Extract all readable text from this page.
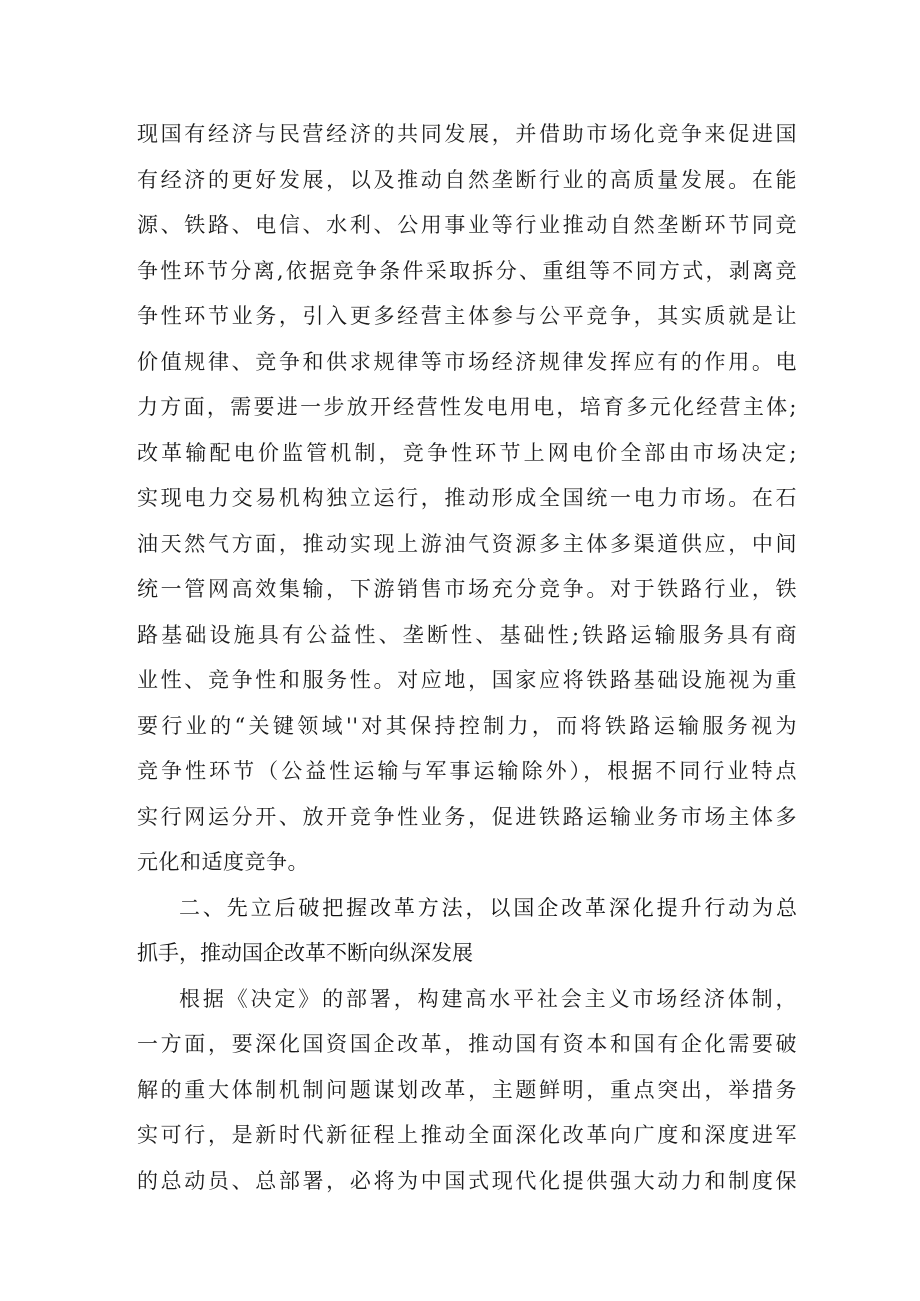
现国有经济与民营经济的共同发展，并借助市场化竞争来促进国
有经济的更好发展，以及推动自然垄断行业的高质量发展。在能
源、铁路、电信、水利、公用事业等行业推动自然垄断环节同竞
争性环节分离,依据竞争条件采取拆分、重组等不同方式，剥离竞
争性环节业务，引入更多经营主体参与公平竞争，其实质就是让
价值规律、竞争和供求规律等市场经济规律发挥应有的作用。电
力方面，需要进一步放开经营性发电用电，培育多元化经营主体;
改革输配电价监管机制，竞争性环节上网电价全部由市场决定;
实现电力交易机构独立运行，推动形成全国统一电力市场。在石
油天然气方面，推动实现上游油气资源多主体多渠道供应，中间
统一管网高效集输，下游销售市场充分竞争。对于铁路行业，铁
路基础设施具有公益性、垄断性、基础性;铁路运输服务具有商
业性、竞争性和服务性。对应地，国家应将铁路基础设施视为重
要行业的“关键领域''对其保持控制力，而将铁路运输服务视为
竞争性环节（公益性运输与军事运输除外），根据不同行业特点
实行网运分开、放开竞争性业务，促进铁路运输业务市场主体多
元化和适度竞争。
二、先立后破把握改革方法，以国企改革深化提升行动为总
抓手，推动国企改革不断向纵深发展
根据《决定》的部署，构建高水平社会主义市场经济体制，
一方面，要深化国资国企改革，推动国有资本和国有企化需要破
解的重大体制机制问题谋划改革，主题鲜明，重点突出，举措务
实可行，是新时代新征程上推动全面深化改革向广度和深度进军
的总动员、总部署，必将为中国式现代化提供强大动力和制度保
